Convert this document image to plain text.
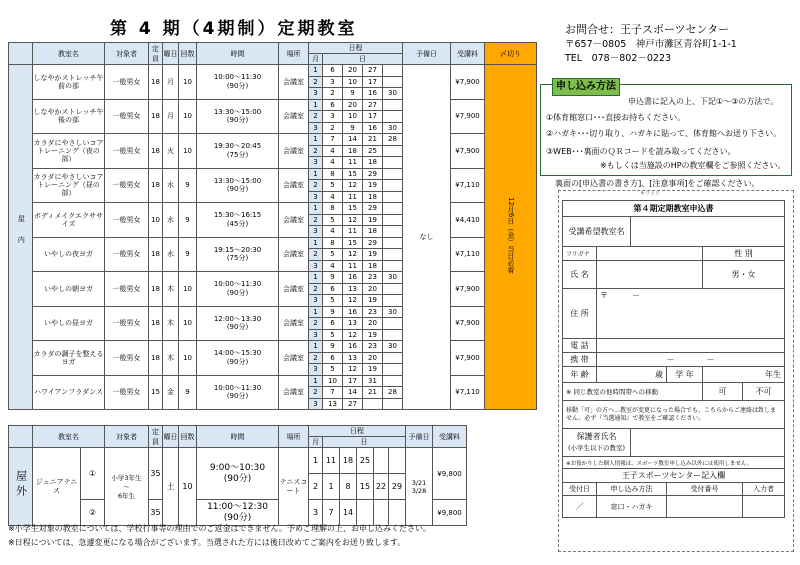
第 4 期（4期制）定期教室
	教室名	対象者	定員	曜日	回数	時間	場所	日程					予備日	受講料	〆切り
								月	日						
屋内	しなやかストレッチ午前の部	一般男女	18	月	10	10:00～11:30
(90分)	会議室	1	6	20	27		なし	¥7,900	12月6日（金）当日必着
								2	3	10	17				
								3	2	9	16	30			
	しなやかストレッチ午後の部	一般男女	18	月	10	13:30～15:00
(90分)	会議室	1	6	20	27			¥7,900	
								2	3	10	17				
								3	2	9	16	30			
	カラダにやさしいコアトレーニング（夜の部）	一般男女	18	火	10	19:30～20:45
(75分)	会議室	1	7	14	21	28		¥7,900	
								2	4	18	25				
								3	4	11	18				
	カラダにやさしいコアトレーニング（昼の部）	一般男女	18	水	9	13:30～15:00
(90分)	会議室	1	8	15	29			¥7,110	
								2	5	12	19				
								3	4	11	18				
	ボディメイクエクササイズ	一般男女	10	水	9	15:30～16:15
(45分)	会議室	1	8	15	29			¥4,410	
								2	5	12	19				
								3	4	11	18				
	いやしの夜ヨガ	一般男女	18	水	9	19:15～20:30
(75分)	会議室	1	8	15	29			¥7,110	
								2	5	12	19				
								3	4	11	18				
	いやしの朝ヨガ	一般男女	18	木	10	10:00～11:30
(90分)	会議室	1	9	16	23	30		¥7,900	
								2	6	13	20				
								3	5	12	19				
	いやしの昼ヨガ	一般男女	18	木	10	12:00～13:30
(90分)	会議室	1	9	16	23	30		¥7,900	
								2	6	13	20				
								3	5	12	19				
	カラダの調子を整えるヨガ	一般男女	18	木	10	14:00～15:30
(90分)	会議室	1	9	16	23	30		¥7,900	
								2	6	13	20				
								3	5	12	19				
	ハワイアンフラダンス	一般男女	15	金	9	10:00～11:30
(90分)	会議室	1	10	17	31			¥7,110	
								2	7	14	21	28			
								3	13	27					
	教室名		対象者	定員	曜日	回数	時間	場所	日程						予備日	受講料	
									月	日							
屋外	ジュニアテニス	①	小学3年生
～
6年生	35	土	10	9:00～10:30
(90分)	テニスコート	1	11	18	25			3/21 3/28	¥9,800	
									2	1	8	15	22	29			
		②		35			11:00～12:30
(90分)		3	7	14					¥9,800	
※小学生対象の教室については、学校行事等の理由でのご返金はできません。予めご理解の上、お申し込みください。
※日程については、急遽変更になる場合がございます。当選された方には後日改めてご案内をお送り致します。
お問合せ：王子スポーツセンター
〒657－0805　神戸市灘区青谷町1-1-1
TEL　078－802－0223
申し込み方法
申込書に記入の上、下記①～③の方法で。
①体育館窓口･･･直接お持ちください。
②ハガキ･･･切り取り、ハガキに貼って、体育館へお送り下さい。
③WEB･･･裏面のＱＲコードを読み取ってください。
※もしくは当施設のHPの教室欄をご参照ください。
裏面の[申込書の書き方]、[注意事項]をご確認ください。
キリトリ
第４期定期教室申込書					
受講希望教室名					
フリガナ				性 別	
氏 名				男・女	
住 所	〒　　　－				
電 話					
携 帯	－　　　　－				
年 齢	歳		学 年	年生	
※ 同じ教室の他時間帯への移動				可	不可
移動「可」の方へ…教室が変更になった場合でも、こちらからご連絡は致しません。必ず『当選通知』で教室をご確認ください。					
保護者氏名
(小学生以下の教室)					
※お預かりした個人情報は、スポーツ教室申し込み以外には使用しません。					
王子スポーツセンター記入欄					
受付日	申し込み方法		受付番号		入力者
／	窓口・ハガキ				
